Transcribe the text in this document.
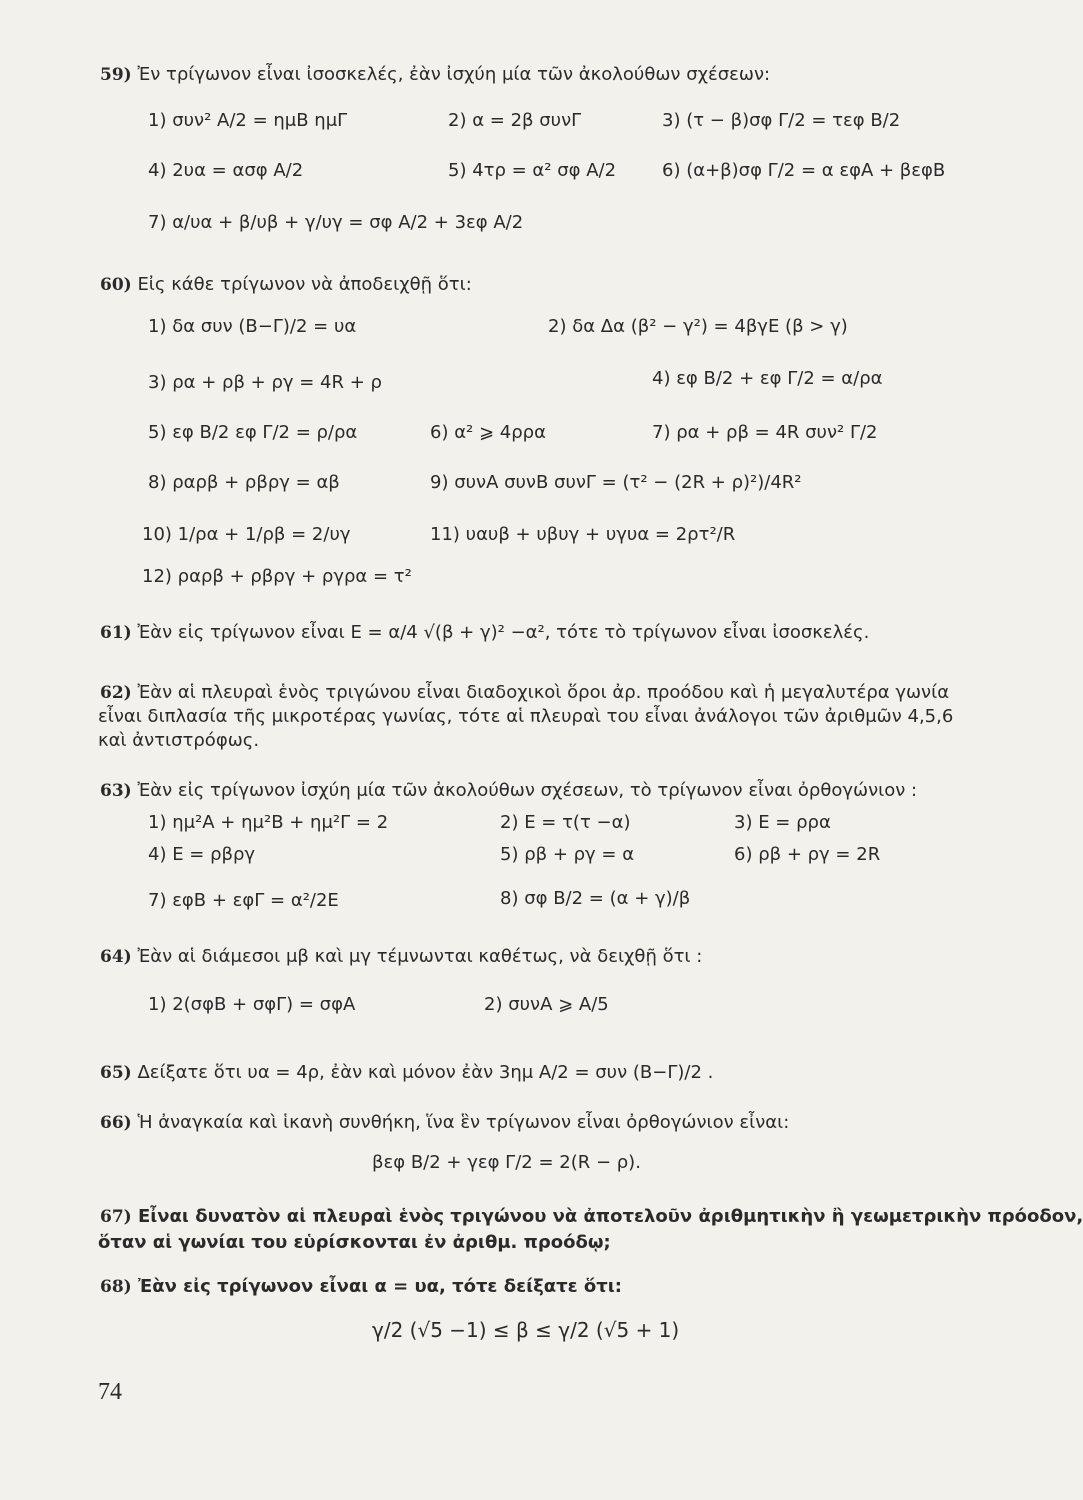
59) Ἐν τρίγωνον εἶναι ἰσοσκελές, ἐὰν ἰσχύη μία τῶν ἀκολούθων σχέσεων:
1) συν² Α/2 = ημΒ ημΓ	2) α = 2β συνΓ	3) (τ − β)σφ Γ/2 = τεφ Β/2
4) 2υα = ασφ Α/2	5) 4τρ = α² σφ Α/2	6) (α+β)σφ Γ/2 = α εφΑ + βεφΒ
7) α/υα + β/υβ + γ/υγ = σφ Α/2 + 3εφ Α/2
60) Εἰς κάθε τρίγωνον νὰ ἀποδειχθῇ ὅτι:
1) δα συν (Β−Γ)/2 = υα	2) δα Δα (β² − γ²) = 4βγΕ (β > γ)
3) ρα + ρβ + ργ = 4R + ρ	4) εφ Β/2 + εφ Γ/2 = α/ρα
5) εφ Β/2 εφ Γ/2 = ρ/ρα	6) α² ⩾ 4ρρα	7) ρα + ρβ = 4R συν² Γ/2
8) ραρβ + ρβργ = αβ	9) συνΑ συνΒ συνΓ = (τ² − (2R + ρ)²)/4R²
10) 1/ρα + 1/ρβ = 2/υγ	11) υαυβ + υβυγ + υγυα = 2ρτ²/R
12) ραρβ + ρβργ + ργρα = τ²
61) Ἐὰν εἰς τρίγωνον εἶναι Ε = α/4 √(β + γ)² −α², τότε τὸ τρίγωνον εἶναι ἰσοσκελές.
62) Ἐὰν αἱ πλευραὶ ἑνὸς τριγώνου εἶναι διαδοχικοὶ ὅροι ἀρ. προόδου καὶ ἡ μεγαλυτέρα γωνία
εἶναι διπλασία τῆς μικροτέρας γωνίας, τότε αἱ πλευραὶ του εἶναι ἀνάλογοι τῶν ἀριθμῶν 4,5,6
καὶ ἀντιστρόφως.
63) Ἐὰν εἰς τρίγωνον ἰσχύη μία τῶν ἀκολούθων σχέσεων, τὸ τρίγωνον εἶναι ὀρθογώνιον :
1) ημ²Α + ημ²Β + ημ²Γ = 2	2) Ε = τ(τ −α)	3) Ε = ρρα
4) Ε = ρβργ	5) ρβ + ργ = α	6) ρβ + ργ = 2R
7) εφΒ + εφΓ = α²/2Ε	8) σφ Β/2 = (α + γ)/β
64) Ἐὰν αἱ διάμεσοι μβ καὶ μγ τέμνωνται καθέτως, νὰ δειχθῇ ὅτι :
1) 2(σφΒ + σφΓ) = σφΑ	2) συνΑ ⩾ Α/5
65) Δείξατε ὅτι υα = 4ρ, ἐὰν καὶ μόνον ἐὰν 3ημ Α/2 = συν (Β−Γ)/2 .
66) Ἡ ἀναγκαία καὶ ἱκανὴ συνθήκη, ἵνα ἓν τρίγωνον εἶναι ὀρθογώνιον εἶναι:
βεφ Β/2 + γεφ Γ/2 = 2(R − ρ).
67) Εἶναι δυνατὸν αἱ πλευραὶ ἑνὸς τριγώνου νὰ ἀποτελοῦν ἀριθμητικὴν ἢ γεωμετρικὴν πρόοδον,
ὅταν αἱ γωνίαι του εὑρίσκονται ἐν ἀριθμ. προόδῳ;
68) Ἐὰν εἰς τρίγωνον εἶναι α = υα, τότε δείξατε ὅτι:
γ/2 (√5 −1) ≤ β ≤ γ/2 (√5 + 1)
74
